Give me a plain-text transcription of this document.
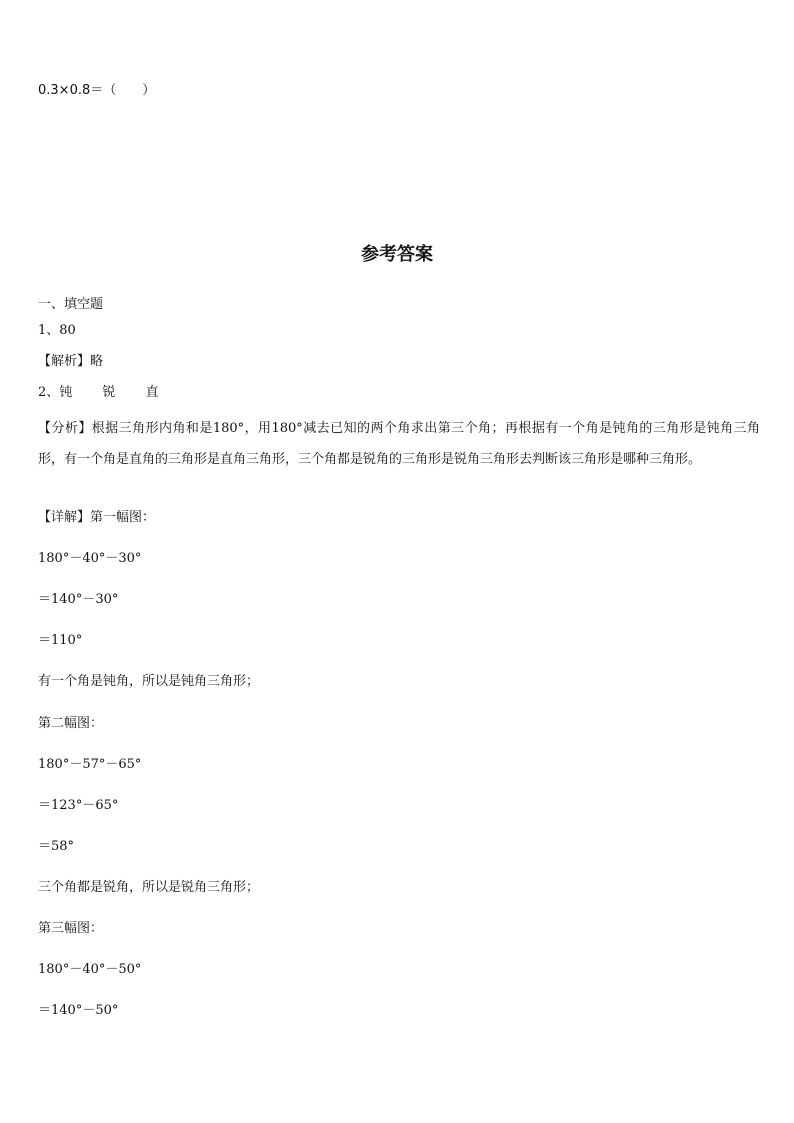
0.3×0.8＝（　　）
参考答案
一、填空题
1、80
【解析】略
2、钝 锐 直
【分析】根据三角形内角和是180°，用180°减去已知的两个角求出第三个角；再根据有一个角是钝角的三角形是钝角三角形，有一个角是直角的三角形是直角三角形，三个角都是锐角的三角形是锐角三角形去判断该三角形是哪种三角形。
【详解】第一幅图：
180°－40°－30°
＝140°－30°
＝110°
有一个角是钝角，所以是钝角三角形；
第二幅图：
180°－57°－65°
＝123°－65°
＝58°
三个角都是锐角，所以是锐角三角形；
第三幅图：
180°－40°－50°
＝140°－50°
